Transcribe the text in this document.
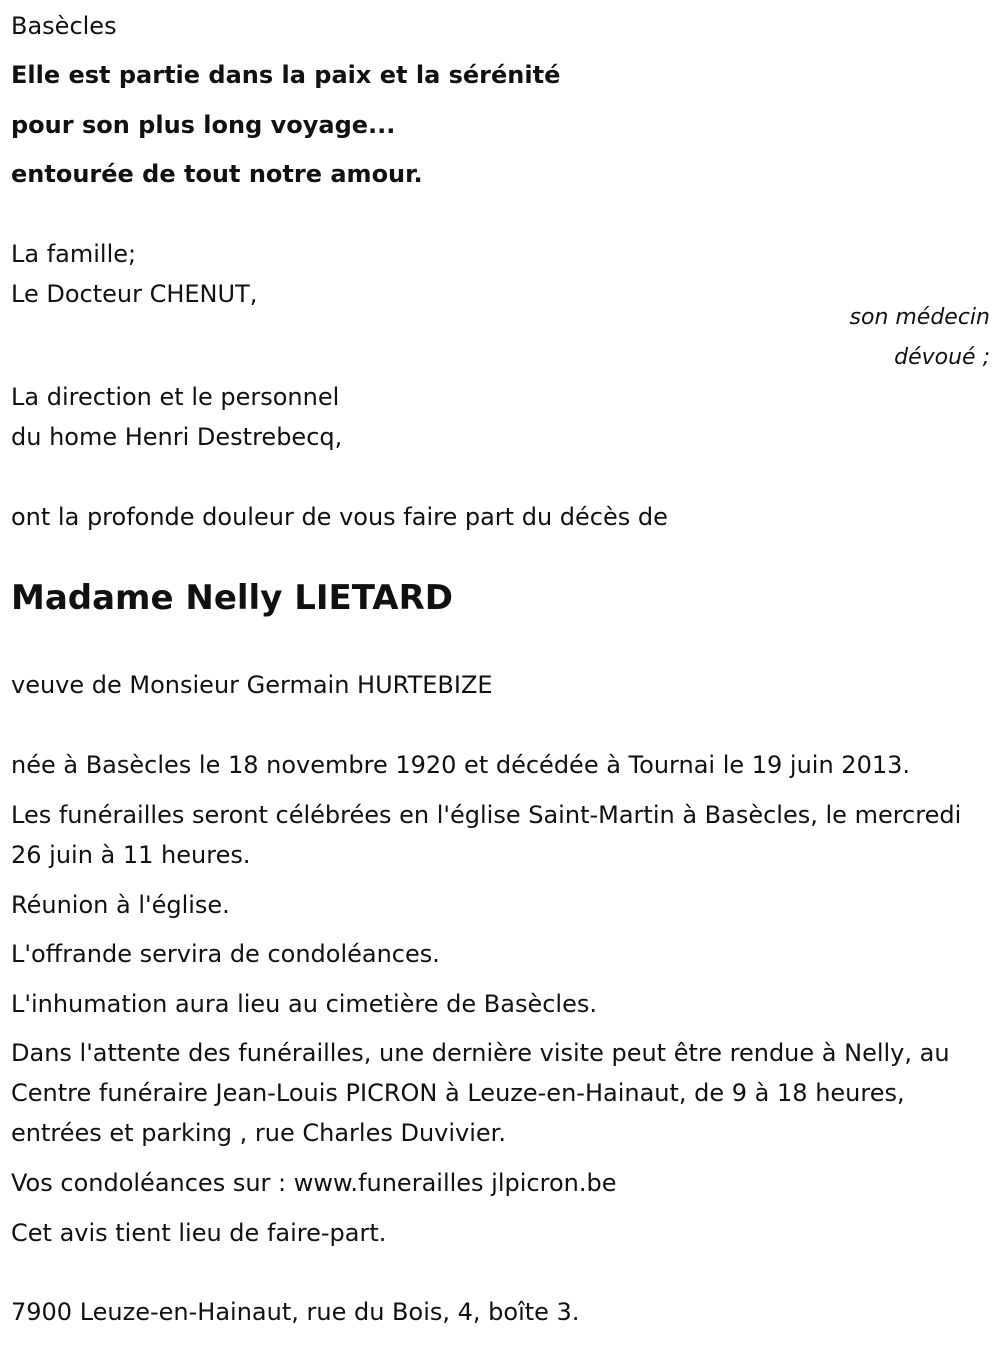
Basècles

Elle est partie dans la paix et la sérénité

pour son plus long voyage...

entourée de tout notre amour.

La famille;

Le Docteur CHENUT,

son médecin

dévoué ;

La direction et le personnel

du home Henri Destrebecq,

ont la profonde douleur de vous faire part du décès de

Madame Nelly LIETARD

veuve de Monsieur Germain HURTEBIZE

née à Basècles le 18 novembre 1920 et décédée à Tournai le 19 juin 2013.

Les funérailles seront célébrées en l'église Saint-Martin à Basècles, le mercredi 26 juin à 11 heures.

Réunion à l'église.

L'offrande servira de condoléances.

L'inhumation aura lieu au cimetière de Basècles.

Dans l'attente des funérailles, une dernière visite peut être rendue à Nelly, au Centre funéraire Jean-Louis PICRON à Leuze-en-Hainaut, de 9 à 18 heures, entrées et parking , rue Charles Duvivier.

Vos condoléances sur : www.funerailles jlpicron.be

Cet avis tient lieu de faire-part.

7900 Leuze-en-Hainaut, rue du Bois, 4, boîte 3.
